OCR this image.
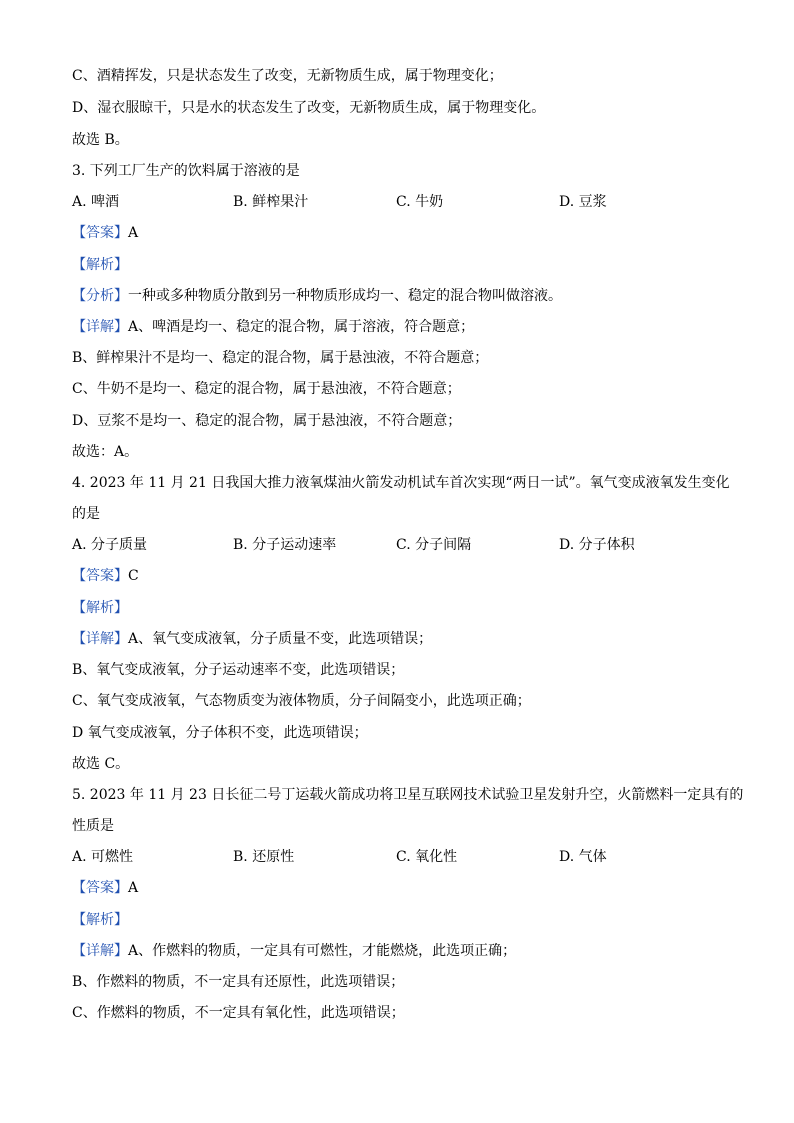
C、酒精挥发，只是状态发生了改变，无新物质生成，属于物理变化；
D、湿衣服晾干，只是水的状态发生了改变，无新物质生成，属于物理变化。
故选 B。
3. 下列工厂生产的饮料属于溶液的是
A. 啤酒	B. 鲜榨果汁	C. 牛奶	D. 豆浆
【答案】A
【解析】
【分析】一种或多种物质分散到另一种物质形成均一、稳定的混合物叫做溶液。
【详解】A、啤酒是均一、稳定的混合物，属于溶液，符合题意；
B、鲜榨果汁不是均一、稳定的混合物，属于悬浊液，不符合题意；
C、牛奶不是均一、稳定的混合物，属于悬浊液，不符合题意；
D、豆浆不是均一、稳定的混合物，属于悬浊液，不符合题意；
故选：A。
4. 2023 年 11 月 21 日我国大推力液氧煤油火箭发动机试车首次实现“两日一试”。氧气变成液氧发生变化
的是
A. 分子质量	B. 分子运动速率	C. 分子间隔	D. 分子体积
【答案】C
【解析】
【详解】A、氧气变成液氧，分子质量不变，此选项错误；
B、氧气变成液氧，分子运动速率不变，此选项错误；
C、氧气变成液氧，气态物质变为液体物质，分子间隔变小，此选项正确；
D 氧气变成液氧，分子体积不变，此选项错误；
故选 C。
5. 2023 年 11 月 23 日长征二号丁运载火箭成功将卫星互联网技术试验卫星发射升空，火箭燃料一定具有的
性质是
A. 可燃性	B. 还原性	C. 氧化性	D. 气体
【答案】A
【解析】
【详解】A、作燃料的物质，一定具有可燃性，才能燃烧，此选项正确；
B、作燃料的物质，不一定具有还原性，此选项错误；
C、作燃料的物质，不一定具有氧化性，此选项错误；
